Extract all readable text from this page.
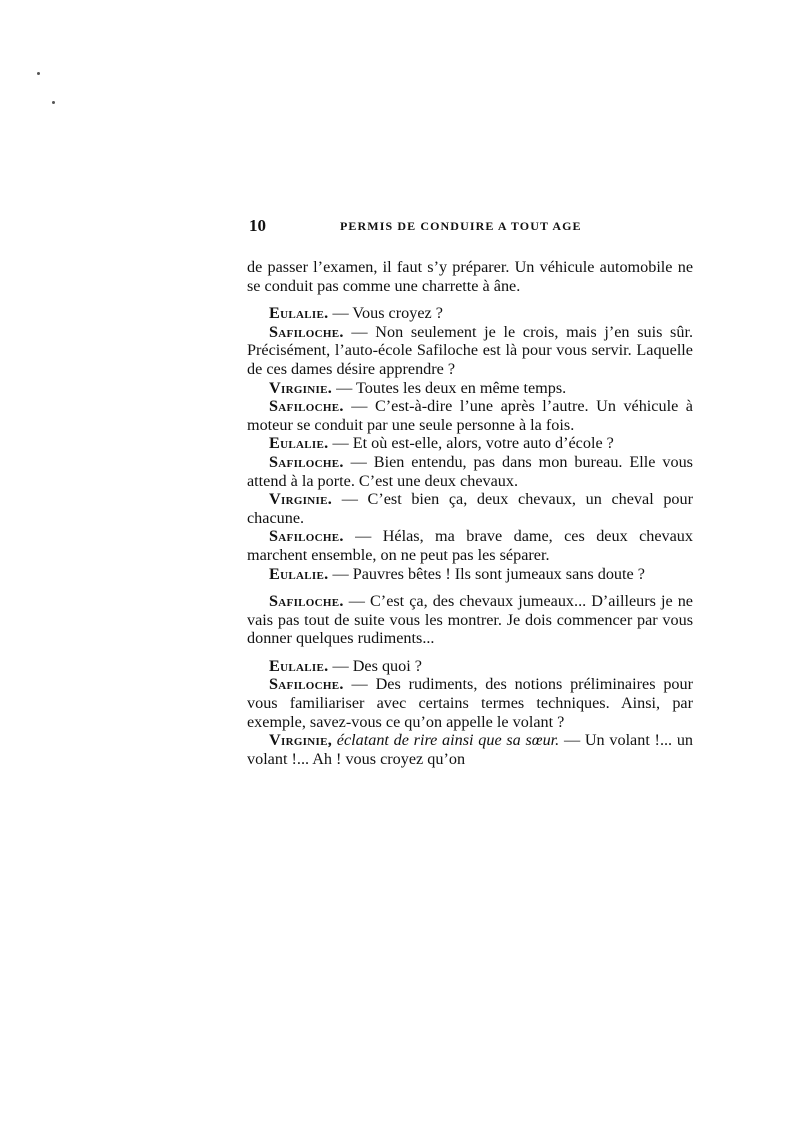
10	PERMIS DE CONDUIRE A TOUT AGE

de passer l’examen, il faut s’y préparer. Un véhicule automobile ne se conduit pas comme une charrette à âne.

Eulalie. — Vous croyez ?

Safiloche. — Non seulement je le crois, mais j’en suis sûr. Précisément, l’auto-école Safiloche est là pour vous servir. Laquelle de ces dames désire apprendre ?

Virginie. — Toutes les deux en même temps.

Safiloche. — C’est-à-dire l’une après l’autre. Un véhicule à moteur se conduit par une seule personne à la fois.

Eulalie. — Et où est-elle, alors, votre auto d’école ?

Safiloche. — Bien entendu, pas dans mon bureau. Elle vous attend à la porte. C’est une deux chevaux.

Virginie. — C’est bien ça, deux chevaux, un cheval pour chacune.

Safiloche. — Hélas, ma brave dame, ces deux chevaux marchent ensemble, on ne peut pas les séparer.

Eulalie. — Pauvres bêtes ! Ils sont jumeaux sans doute ?

Safiloche. — C’est ça, des chevaux jumeaux... D’ailleurs je ne vais pas tout de suite vous les montrer. Je dois commencer par vous donner quelques rudiments...

Eulalie. — Des quoi ?

Safiloche. — Des rudiments, des notions préliminaires pour vous familiariser avec certains termes techniques. Ainsi, par exemple, savez-vous ce qu’on appelle le volant ?

Virginie, éclatant de rire ainsi que sa sœur. — Un volant !... un volant !... Ah ! vous croyez qu’on
